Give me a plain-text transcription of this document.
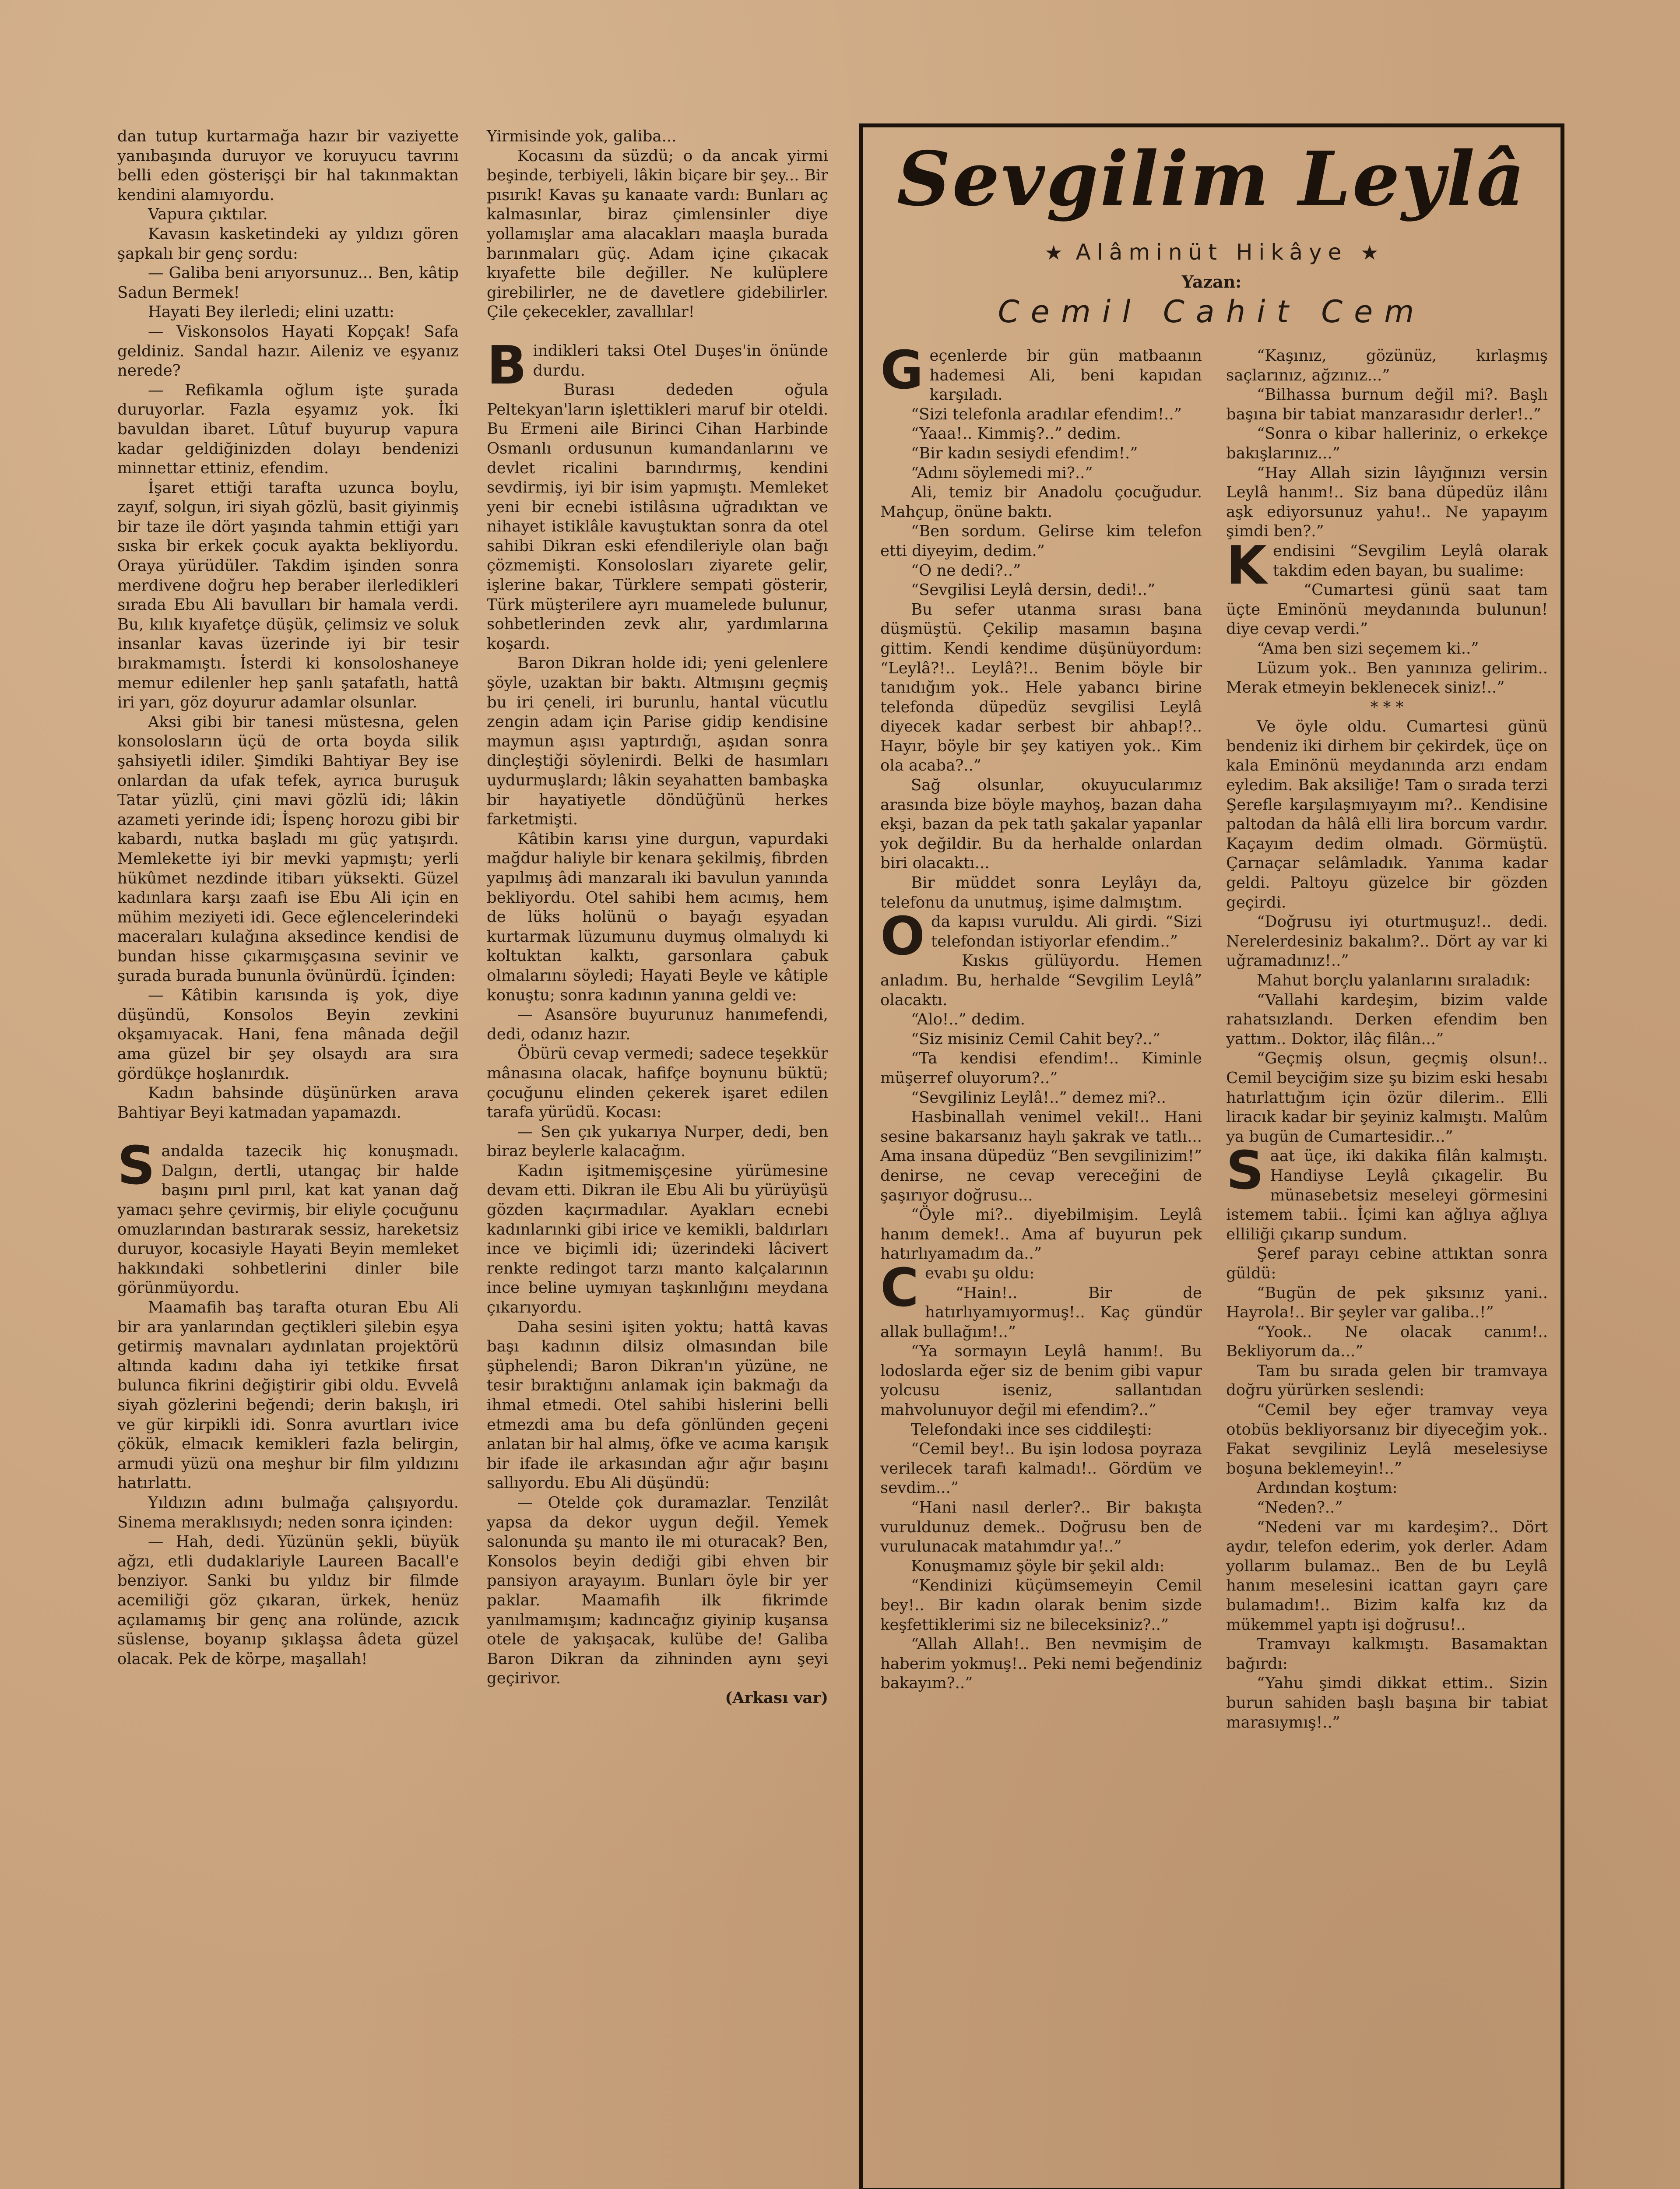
dan tutup kurtarmağa hazır bir vaziyette yanıbaşında duruyor ve koruyucu tavrını belli eden gösterişçi bir hal takınmaktan kendini alamıyordu.

Vapura çıktılar.

Kavasın kasketindeki ay yıldızı gören şapkalı bir genç sordu:

— Galiba beni arıyorsunuz... Ben, kâtip Sadun Bermek!

Hayati Bey ilerledi; elini uzattı:

— Viskonsolos Hayati Kopçak! Safa geldiniz. Sandal hazır. Aileniz ve eşyanız nerede?

— Refikamla oğlum işte şurada duruyorlar. Fazla eşyamız yok. İki bavuldan ibaret. Lûtuf buyurup vapura kadar geldiğinizden dolayı bendenizi minnettar ettiniz, efendim.

İşaret ettiği tarafta uzunca boylu, zayıf, solgun, iri siyah gözlü, basit giyinmiş bir taze ile dört yaşında tahmin ettiği yarı sıska bir erkek çocuk ayakta bekliyordu. Oraya yürüdüler. Takdim işinden sonra merdivene doğru hep beraber ilerledikleri sırada Ebu Ali bavulları bir hamala verdi. Bu, kılık kıyafetçe düşük, çelimsiz ve soluk insanlar kavas üzerinde iyi bir tesir bırakmamıştı. İsterdi ki konsoloshaneye memur edilenler hep şanlı şatafatlı, hattâ iri yarı, göz doyurur adamlar olsunlar.

Aksi gibi bir tanesi müstesna, gelen konsolosların üçü de orta boyda silik şahsiyetli idiler. Şimdiki Bahtiyar Bey ise onlardan da ufak tefek, ayrıca buruşuk Tatar yüzlü, çini mavi gözlü idi; lâkin azameti yerinde idi; İspenç horozu gibi bir kabardı, nutka başladı mı güç yatışırdı. Memlekette iyi bir mevki yapmıştı; yerli hükûmet nezdinde itibarı yüksekti. Güzel kadınlara karşı zaafı ise Ebu Ali için en mühim meziyeti idi. Gece eğlencelerindeki maceraları kulağına aksedince kendisi de bundan hisse çıkarmışçasına sevinir ve şurada burada bununla övünürdü. İçinden:

— Kâtibin karısında iş yok, diye düşündü, Konsolos Beyin zevkini okşamıyacak. Hani, fena mânada değil ama güzel bir şey olsaydı ara sıra gördükçe hoşlanırdık.

Kadın bahsinde düşünürken arava Bahtiyar Beyi katmadan yapamazdı.

Sandalda tazecik hiç konuşmadı. Dalgın, dertli, utangaç bir halde başını pırıl pırıl, kat kat yanan dağ yamacı şehre çevirmiş, bir eliyle çocuğunu omuzlarından bastırarak sessiz, hareketsiz duruyor, kocasiyle Hayati Beyin memleket hakkındaki sohbetlerini dinler bile görünmüyordu.

Maamafih baş tarafta oturan Ebu Ali bir ara yanlarından geçtikleri şilebin eşya getirmiş mavnaları aydınlatan projektörü altında kadını daha iyi tetkike fırsat bulunca fikrini değiştirir gibi oldu. Evvelâ siyah gözlerini beğendi; derin bakışlı, iri ve gür kirpikli idi. Sonra avurtları ivice çökük, elmacık kemikleri fazla belirgin, armudi yüzü ona meşhur bir film yıldızını hatırlattı.

Yıldızın adını bulmağa çalışıyordu. Sinema meraklısıydı; neden sonra içinden:

— Hah, dedi. Yüzünün şekli, büyük ağzı, etli dudaklariyle Laureen Bacall'e benziyor. Sanki bu yıldız bir filmde acemiliği göz çıkaran, ürkek, henüz açılamamış bir genç ana rolünde, azıcık süslense, boyanıp şıklaşsa âdeta güzel olacak. Pek de körpe, maşallah!

Yirmisinde yok, galiba...

Kocasını da süzdü; o da ancak yirmi beşinde, terbiyeli, lâkin biçare bir şey... Bir pısırık! Kavas şu kanaate vardı: Bunları aç kalmasınlar, biraz çimlensinler diye yollamışlar ama alacakları maaşla burada barınmaları güç. Adam içine çıkacak kıyafette bile değiller. Ne kulüplere girebilirler, ne de davetlere gidebilirler. Çile çekecekler, zavallılar!

Bindikleri taksi Otel Duşes'in önünde durdu.

Burası dededen oğula Peltekyan'ların işlettikleri maruf bir oteldi. Bu Ermeni aile Birinci Cihan Harbinde Osmanlı ordusunun kumandanlarını ve devlet ricalini barındırmış, kendini sevdirmiş, iyi bir isim yapmıştı. Memleket yeni bir ecnebi istilâsına uğradıktan ve nihayet istiklâle kavuştuktan sonra da otel sahibi Dikran eski efendileriyle olan bağı çözmemişti. Konsolosları ziyarete gelir, işlerine bakar, Türklere sempati gösterir, Türk müşterilere ayrı muamelede bulunur, sohbetlerinden zevk alır, yardımlarına koşardı.

Baron Dikran holde idi; yeni gelenlere şöyle, uzaktan bir baktı. Altmışını geçmiş bu iri çeneli, iri burunlu, hantal vücutlu zengin adam için Parise gidip kendisine maymun aşısı yaptırdığı, aşıdan sonra dinçleştiği söylenirdi. Belki de hasımları uydurmuşlardı; lâkin seyahatten bambaşka bir hayatiyetle döndüğünü herkes farketmişti.

Kâtibin karısı yine durgun, vapurdaki mağdur haliyle bir kenara şekilmiş, fibrden yapılmış âdi manzaralı iki bavulun yanında bekliyordu. Otel sahibi hem acımış, hem de lüks holünü o bayağı eşyadan kurtarmak lüzumunu duymuş olmalıydı ki koltuktan kalktı, garsonlara çabuk olmalarını söyledi; Hayati Beyle ve kâtiple konuştu; sonra kadının yanına geldi ve:

— Asansöre buyurunuz hanımefendi, dedi, odanız hazır.

Öbürü cevap vermedi; sadece teşekkür mânasına olacak, hafifçe boynunu büktü; çocuğunu elinden çekerek işaret edilen tarafa yürüdü. Kocası:

— Sen çık yukarıya Nurper, dedi, ben biraz beylerle kalacağım.

Kadın işitmemişçesine yürümesine devam etti. Dikran ile Ebu Ali bu yürüyüşü gözden kaçırmadılar. Ayakları ecnebi kadınlarınki gibi irice ve kemikli, baldırları ince ve biçimli idi; üzerindeki lâcivert renkte redingot tarzı manto kalçalarının ince beline uymıyan taşkınlığını meydana çıkarıyordu.

Daha sesini işiten yoktu; hattâ kavas başı kadının dilsiz olmasından bile şüphelendi; Baron Dikran'ın yüzüne, ne tesir bıraktığını anlamak için bakmağı da ihmal etmedi. Otel sahibi hislerini belli etmezdi ama bu defa gönlünden geçeni anlatan bir hal almış, öfke ve acıma karışık bir ifade ile arkasından ağır ağır başını sallıyordu. Ebu Ali düşündü:

— Otelde çok duramazlar. Tenzilât yapsa da dekor uygun değil. Yemek salonunda şu manto ile mi oturacak? Ben, Konsolos beyin dediği gibi ehven bir pansiyon arayayım. Bunları öyle bir yer paklar. Maamafih ilk fikrimde yanılmamışım; kadıncağız giyinip kuşansa otele de yakışacak, kulübe de! Galiba Baron Dikran da zihninden aynı şeyi geçirivor.

(Arkası var)

Sevgilim Leylâ
★ Alâminüt Hikâye ★
Yazan:
Cemil Cahit Cem

Geçenlerde bir gün matbaanın hademesi Ali, beni kapıdan karşıladı.

“Sizi telefonla aradılar efendim!..”

“Yaaa!.. Kimmiş?..” dedim.

“Bir kadın sesiydi efendim!.”

“Adını söylemedi mi?..”

Ali, temiz bir Anadolu çocuğudur. Mahçup, önüne baktı.

“Ben sordum. Gelirse kim telefon etti diyeyim, dedim.”

“O ne dedi?..”

“Sevgilisi Leylâ dersin, dedi!..”

Bu sefer utanma sırası bana düşmüştü. Çekilip masamın başına gittim. Kendi kendime düşünüyordum: “Leylâ?!.. Leylâ?!.. Benim böyle bir tanıdığım yok.. Hele yabancı birine telefonda düpedüz sevgilisi Leylâ diyecek kadar serbest bir ahbap!?.. Hayır, böyle bir şey katiyen yok.. Kim ola acaba?..”

Sağ olsunlar, okuyucularımız arasında bize böyle mayhoş, bazan daha ekşi, bazan da pek tatlı şakalar yapanlar yok değildir. Bu da herhalde onlardan biri olacaktı...

Bir müddet sonra Leylâyı da, telefonu da unutmuş, işime dalmıştım.

Oda kapısı vuruldu. Ali girdi. “Sizi telefondan istiyorlar efendim..”

Kıskıs gülüyordu. Hemen anladım. Bu, herhalde “Sevgilim Leylâ” olacaktı.

“Alo!..” dedim.

“Siz misiniz Cemil Cahit bey?..”

“Ta kendisi efendim!.. Kiminle müşerref oluyorum?..”

“Sevgiliniz Leylâ!..” demez mi?..

Hasbinallah venimel vekil!.. Hani sesine bakarsanız haylı şakrak ve tatlı... Ama insana düpedüz “Ben sevgilinizim!” denirse, ne cevap vereceğini de şaşırıyor doğrusu...

“Öyle mi?.. diyebilmişim. Leylâ hanım demek!.. Ama af buyurun pek hatırlıyamadım da..”

Cevabı şu oldu:

“Hain!.. Bir de hatırlıyamıyormuş!.. Kaç gündür allak bullağım!..”

“Ya sormayın Leylâ hanım!. Bu lodoslarda eğer siz de benim gibi vapur yolcusu iseniz, sallantıdan mahvolunuyor değil mi efendim?..”

Telefondaki ince ses ciddileşti:

“Cemil bey!.. Bu işin lodosa poyraza verilecek tarafı kalmadı!.. Gördüm ve sevdim...”

“Hani nasıl derler?.. Bir bakışta vuruldunuz demek.. Doğrusu ben de vurulunacak matahımdır ya!..”

Konuşmamız şöyle bir şekil aldı:

“Kendinizi küçümsemeyin Cemil bey!.. Bir kadın olarak benim sizde keşfettiklerimi siz ne bileceksiniz?..”

“Allah Allah!.. Ben nevmişim de haberim yokmuş!.. Peki nemi beğendiniz bakayım?..”

“Kaşınız, gözünüz, kırlaşmış saçlarınız, ağzınız...”

“Bilhassa burnum değil mi?. Başlı başına bir tabiat manzarasıdır derler!..”

“Sonra o kibar halleriniz, o erkekçe bakışlarınız...”

“Hay Allah sizin lâyığınızı versin Leylâ hanım!.. Siz bana düpedüz ilânı aşk ediyorsunuz yahu!.. Ne yapayım şimdi ben?.”

Kendisini “Sevgilim Leylâ olarak takdim eden bayan, bu sualime:

“Cumartesi günü saat tam üçte Eminönü meydanında bulunun! diye cevap verdi.”

“Ama ben sizi seçemem ki..”

Lüzum yok.. Ben yanınıza gelirim.. Merak etmeyin beklenecek siniz!..”

* * *

Ve öyle oldu. Cumartesi günü bendeniz iki dirhem bir çekirdek, üçe on kala Eminönü meydanında arzı endam eyledim. Bak aksiliğe! Tam o sırada terzi Şerefle karşılaşmıyayım mı?.. Kendisine paltodan da hâlâ elli lira borcum vardır. Kaçayım dedim olmadı. Görmüştü. Çarnaçar selâmladık. Yanıma kadar geldi. Paltoyu güzelce bir gözden geçirdi.

“Doğrusu iyi oturtmuşuz!.. dedi. Nerelerdesiniz bakalım?.. Dört ay var ki uğramadınız!..”

Mahut borçlu yalanlarını sıraladık:

“Vallahi kardeşim, bizim valde rahatsızlandı. Derken efendim ben yattım.. Doktor, ilâç filân...”

“Geçmiş olsun, geçmiş olsun!.. Cemil beyciğim size şu bizim eski hesabı hatırlattığım için özür dilerim.. Elli liracık kadar bir şeyiniz kalmıştı. Malûm ya bugün de Cumartesidir...”

Saat üçe, iki dakika filân kalmıştı. Handiyse Leylâ çıkagelir. Bu münasebetsiz meseleyi görmesini istemem tabii.. İçimi kan ağlıya ağlıya elliliği çıkarıp sundum.

Şeref parayı cebine attıktan sonra güldü:

“Bugün de pek şıksınız yani.. Hayrola!.. Bir şeyler var galiba..!”

“Yook.. Ne olacak canım!.. Bekliyorum da...”

Tam bu sırada gelen bir tramvaya doğru yürürken seslendi:

“Cemil bey eğer tramvay veya otobüs bekliyorsanız bir diyeceğim yok.. Fakat sevgiliniz Leylâ meselesiyse boşuna beklemeyin!..”

Ardından koştum:

“Neden?..”

“Nedeni var mı kardeşim?.. Dört aydır, telefon ederim, yok derler. Adam yollarım bulamaz.. Ben de bu Leylâ hanım meselesini icattan gayrı çare bulamadım!.. Bizim kalfa kız da mükemmel yaptı işi doğrusu!..

Tramvayı kalkmıştı. Basamaktan bağırdı:

“Yahu şimdi dikkat ettim.. Sizin burun sahiden başlı başına bir tabiat marasıymış!..”
